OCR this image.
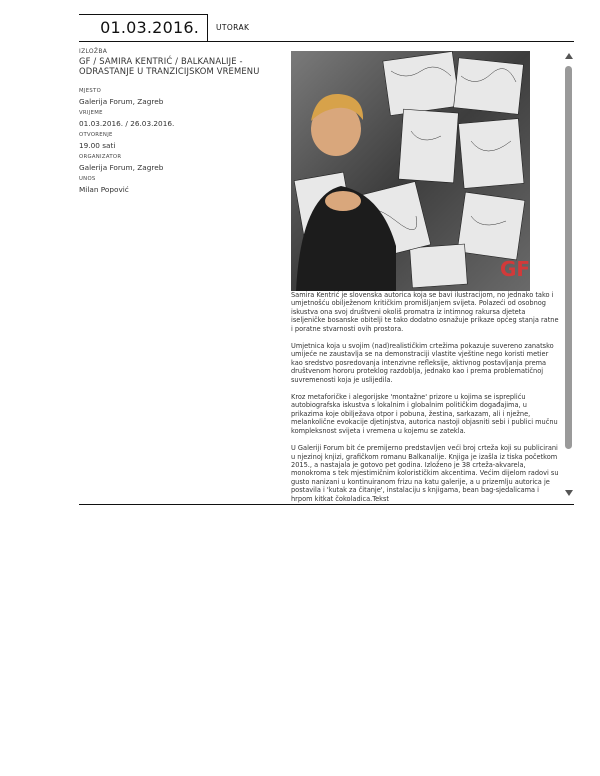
01.03.2016. UTORAK
IZLOŽBA
GF / SAMIRA KENTRIĆ / BALKANALIJE - ODRASTANJE U TRANZICIJSKOM VREMENU
MJESTO
Galerija Forum, Zagreb
VRIJEME
01.03.2016. / 26.03.2016.
OTVORENJE
19.00 sati
ORGANIZATOR
Galerija Forum, Zagreb
UNOS
Milan Popović
GF

Samira Kentrić je slovenska autorica koja se bavi ilustracijom, no jednako tako i umjetnošću obilježenom kritičkim promišljanjem svijeta. Polazeći od osobnog iskustva ona svoj društveni okoliš promatra iz intimnog rakursa djeteta iseljeničke bosanske obitelji te tako dodatno osnažuje prikaze općeg stanja ratne i poratne stvarnosti ovih prostora.

Umjetnica koja u svojim (nad)realističkim crtežima pokazuje suvereno zanatsko umijeće ne zaustavlja se na demonstraciji vlastite vještine nego koristi metier kao sredstvo posredovanja intenzivne refleksije, aktivnog postavljanja prema društvenom hororu proteklog razdoblja, jednako kao i prema problematičnoj suvremenosti koja je uslijedila.

Kroz metaforičke i alegorijske 'montažne' prizore u kojima se isprepliću autobiografska iskustva s lokalnim i globalnim političkim događajima, u prikazima koje obilježava otpor i pobuna, žestina, sarkazam, ali i nježne, melankolične evokacije djetinjstva, autorica nastoji objasniti sebi i publici mučnu kompleksnost svijeta i vremena u kojemu se zatekla.

U Galeriji Forum bit će premijerno predstavljen veći broj crteža koji su publicirani u njezinoj knjizi, grafičkom romanu Balkanalije. Knjiga je izašla iz tiska početkom 2015., a nastajala je gotovo pet godina. Izloženo je 38 crteža-akvarela, monokroma s tek mjestimičnim kolorističkim akcentima. Većim dijelom radovi su gusto nanizani u kontinuiranom frizu na katu galerije, a u prizemlju autorica je postavila i 'kutak za čitanje', instalaciju s knjigama, bean bag-sjedalicama i hrpom kitkat čokoladica.Tekst
